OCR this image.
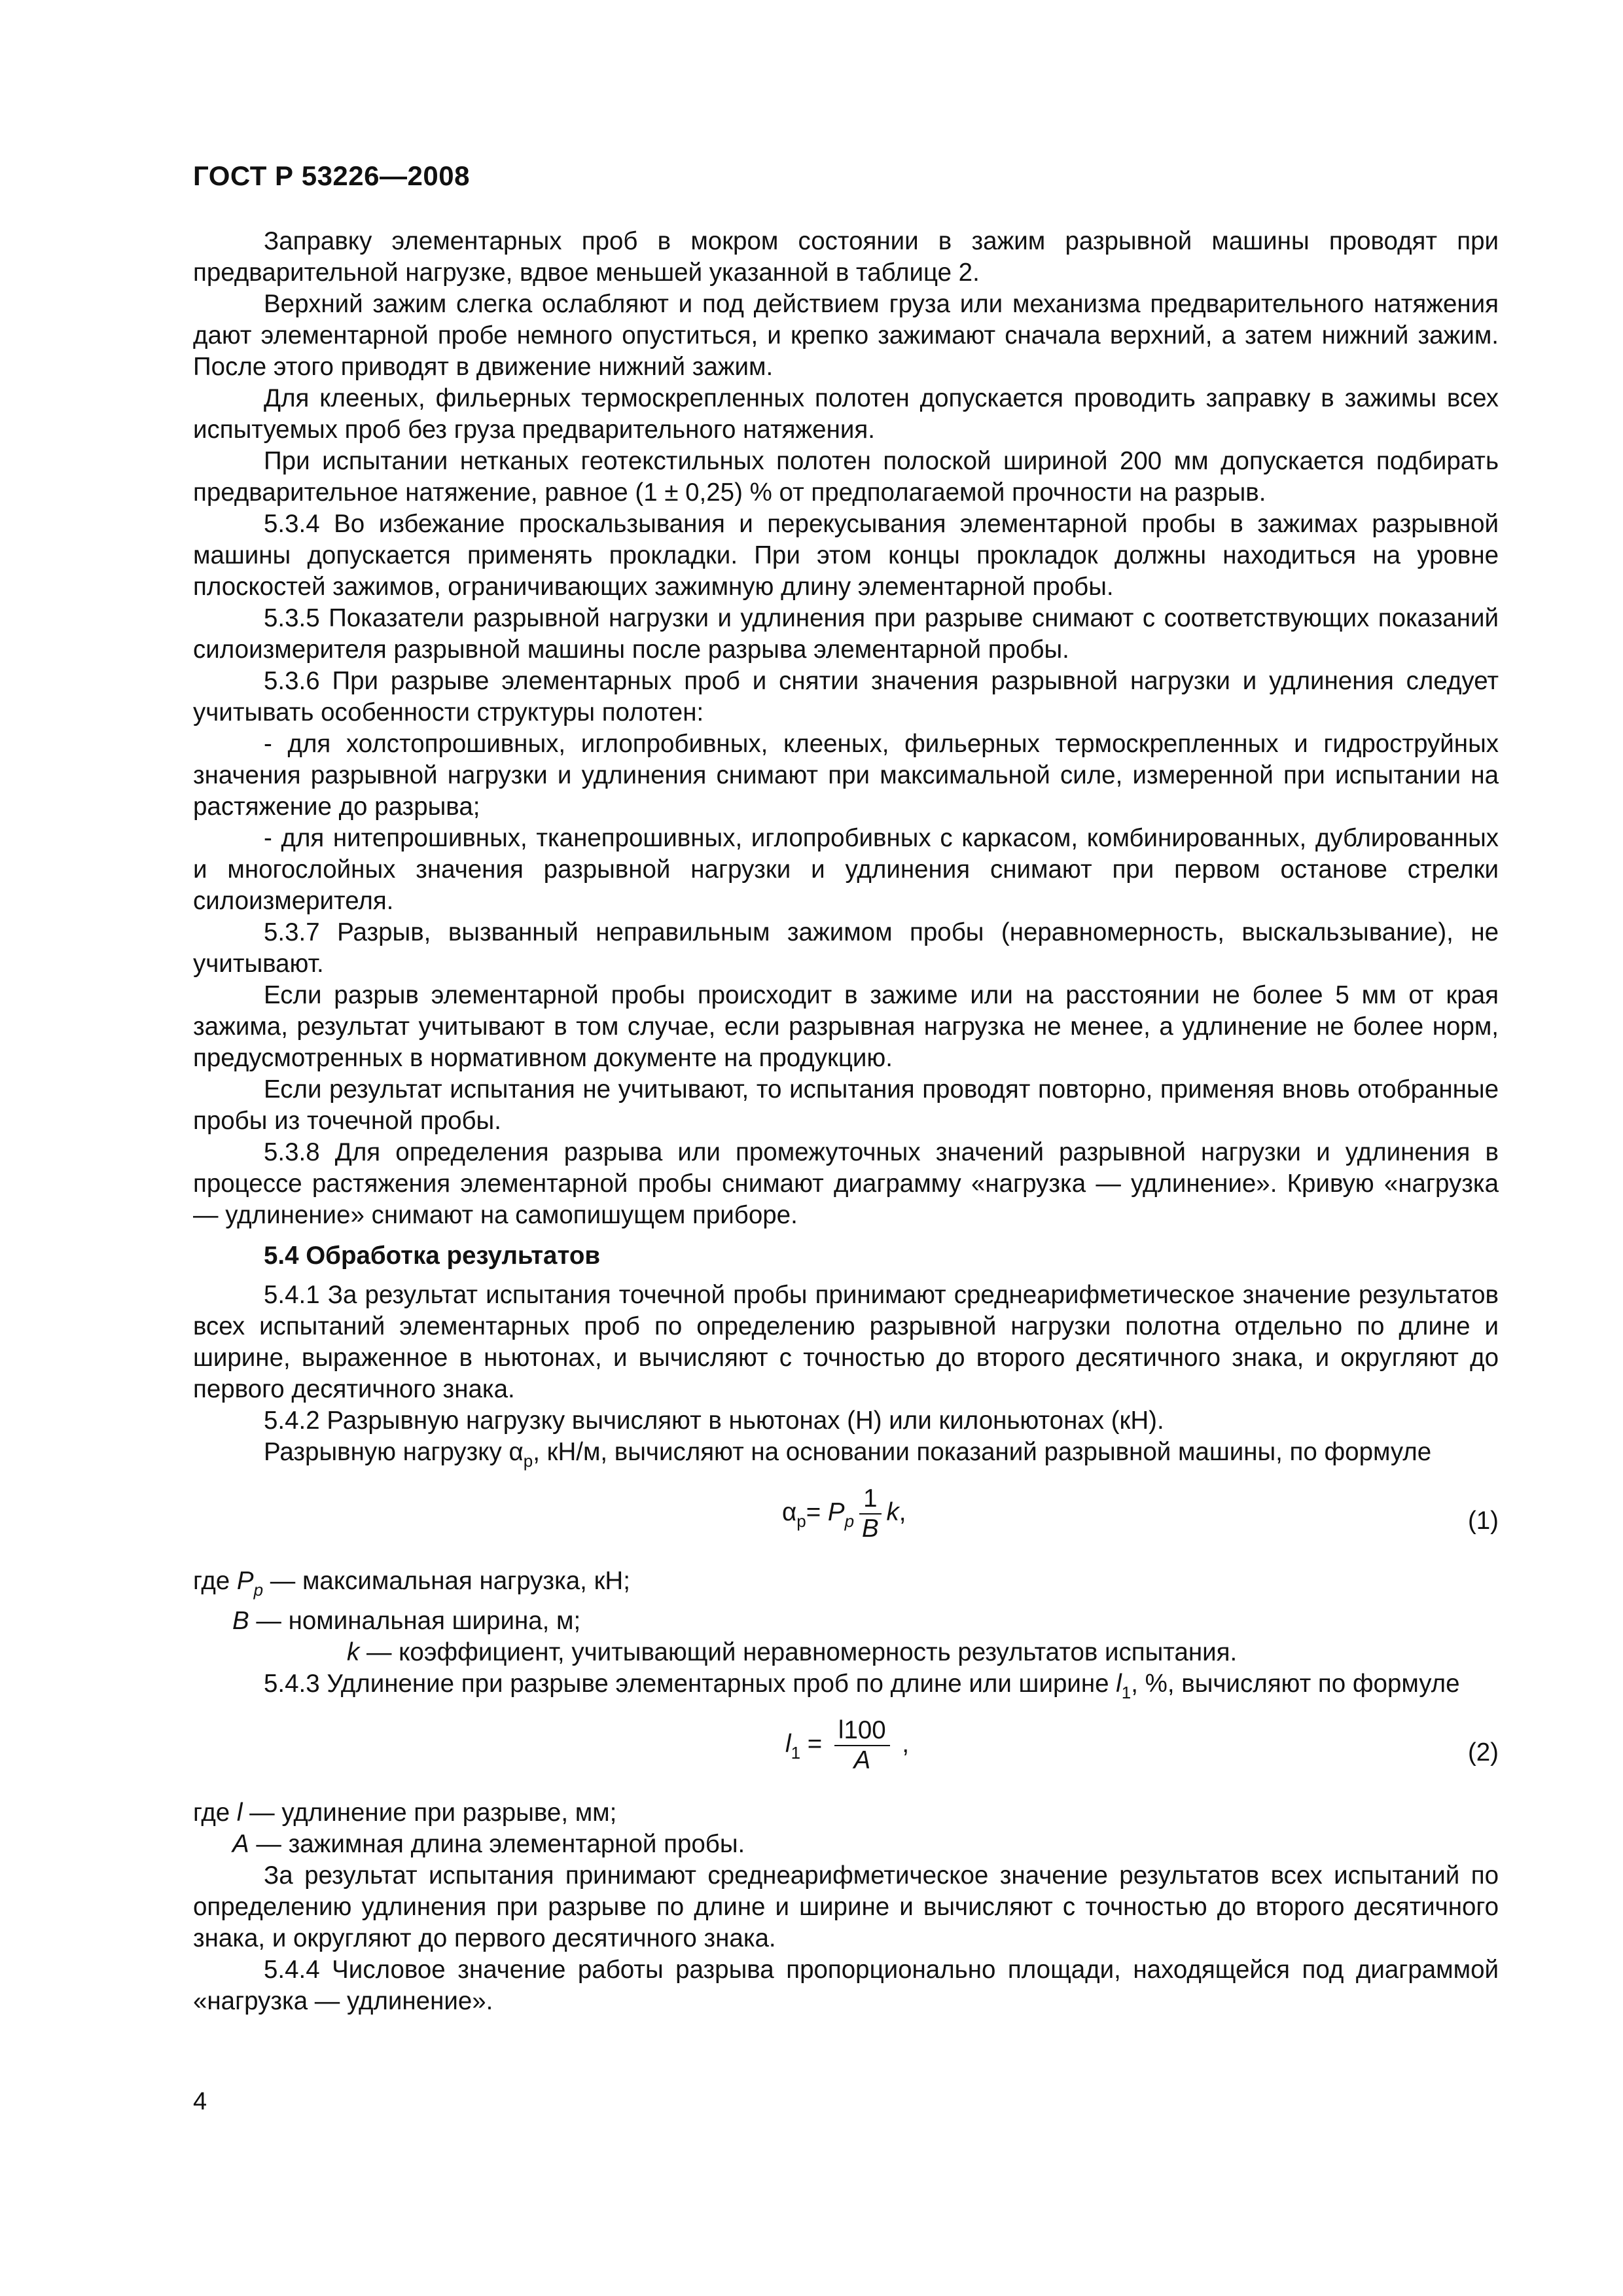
ГОСТ Р 53226—2008

Заправку элементарных проб в мокром состоянии в зажим разрывной машины проводят при предварительной нагрузке, вдвое меньшей указанной в таблице 2.

Верхний зажим слегка ослабляют и под действием груза или механизма предварительного натяжения дают элементарной пробе немного опуститься, и крепко зажимают сначала верхний, а затем нижний зажим. После этого приводят в движение нижний зажим.

Для клееных, фильерных термоскрепленных полотен допускается проводить заправку в зажимы всех испытуемых проб без груза предварительного натяжения.

При испытании нетканых геотекстильных полотен полоской шириной 200 мм допускается подбирать предварительное натяжение, равное (1 ± 0,25) % от предполагаемой прочности на разрыв.

5.3.4 Во избежание проскальзывания и перекусывания элементарной пробы в зажимах разрывной машины допускается применять прокладки. При этом концы прокладок должны находиться на уровне плоскостей зажимов, ограничивающих зажимную длину элементарной пробы.

5.3.5 Показатели разрывной нагрузки и удлинения при разрыве снимают с соответствующих показаний силоизмерителя разрывной машины после разрыва элементарной пробы.

5.3.6 При разрыве элементарных проб и снятии значения разрывной нагрузки и удлинения следует учитывать особенности структуры полотен:

- для холстопрошивных, иглопробивных, клееных, фильерных термоскрепленных и гидроструйных значения разрывной нагрузки и удлинения снимают при максимальной силе, измеренной при испытании на растяжение до разрыва;

- для нитепрошивных, тканепрошивных, иглопробивных с каркасом, комбинированных, дублированных и многослойных значения разрывной нагрузки и удлинения снимают при первом останове стрелки силоизмерителя.

5.3.7 Разрыв, вызванный неправильным зажимом пробы (неравномерность, выскальзывание), не учитывают.

Если разрыв элементарной пробы происходит в зажиме или на расстоянии не более 5 мм от края зажима, результат учитывают в том случае, если разрывная нагрузка не менее, а удлинение не более норм, предусмотренных в нормативном документе на продукцию.

Если результат испытания не учитывают, то испытания проводят повторно, применяя вновь отобранные пробы из точечной пробы.

5.3.8 Для определения разрыва или промежуточных значений разрывной нагрузки и удлинения в процессе растяжения элементарной пробы снимают диаграмму «нагрузка — удлинение». Кривую «нагрузка — удлинение» снимают на самопишущем приборе.

5.4 Обработка результатов

5.4.1 За результат испытания точечной пробы принимают среднеарифметическое значение результатов всех испытаний элементарных проб по определению разрывной нагрузки полотна отдельно по длине и ширине, выраженное в ньютонах, и вычисляют с точностью до второго десятичного знака, и округляют до первого десятичного знака.

5.4.2 Разрывную нагрузку вычисляют в ньютонах (Н) или килоньютонах (кН).

Разрывную нагрузку $\alpha_р$, кН/м, вычисляют на основании показаний разрывной машины, по формуле

$\alpha_р= P_p \frac{1}{B} k$,	(1)
где $P_p$ — максимальная нагрузка, кН;
B — номинальная ширина, м;
k — коэффициент, учитывающий неравномерность результатов испытания.

5.4.3 Удлинение при разрыве элементарных проб по длине или ширине $l_1$, %, вычисляют по формуле

$l_1 = \frac{l100}{A}$ ,	(2)
где l — удлинение при разрыве, мм;
A — зажимная длина элементарной пробы.

За результат испытания принимают среднеарифметическое значение результатов всех испытаний по определению удлинения при разрыве по длине и ширине и вычисляют с точностью до второго десятичного знака, и округляют до первого десятичного знака.

5.4.4 Числовое значение работы разрыва пропорционально площади, находящейся под диаграммой «нагрузка — удлинение».

4
